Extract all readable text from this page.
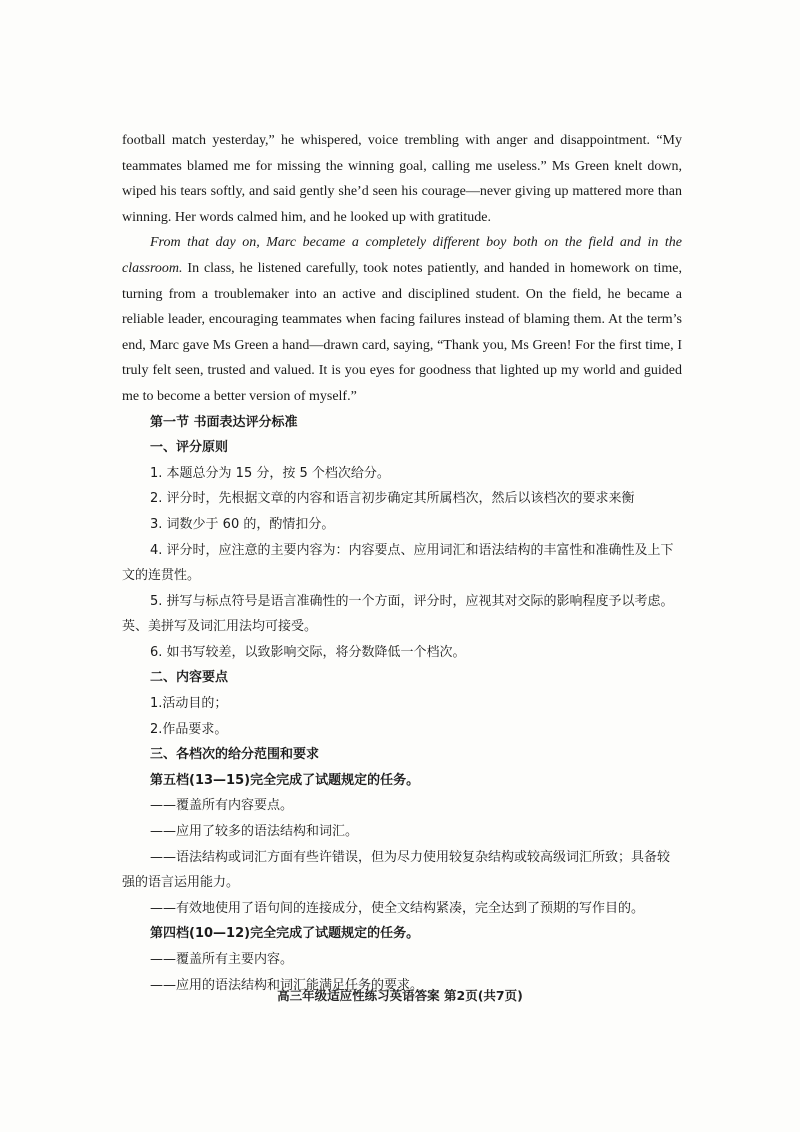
football match yesterday,” he whispered, voice trembling with anger and disappointment. “My teammates blamed me for missing the winning goal, calling me useless.” Ms Green knelt down, wiped his tears softly, and said gently she’d seen his courage—never giving up mattered more than winning. Her words calmed him, and he looked up with gratitude.

From that day on, Marc became a completely different boy both on the field and in the classroom. In class, he listened carefully, took notes patiently, and handed in homework on time, turning from a troublemaker into an active and disciplined student. On the field, he became a reliable leader, encouraging teammates when facing failures instead of blaming them. At the term’s end, Marc gave Ms Green a hand—drawn card, saying, “Thank you, Ms Green! For the first time, I truly felt seen, trusted and valued. It is you eyes for goodness that lighted up my world and guided me to become a better version of myself.”

第一节 书面表达评分标准

一、评分原则

1. 本题总分为 15 分，按 5 个档次给分。

2. 评分时，先根据文章的内容和语言初步确定其所属档次，然后以该档次的要求来衡

3. 词数少于 60 的，酌情扣分。

4. 评分时，应注意的主要内容为：内容要点、应用词汇和语法结构的丰富性和准确性及上下文的连贯性。

5. 拼写与标点符号是语言准确性的一个方面，评分时，应视其对交际的影响程度予以考虑。英、美拼写及词汇用法均可接受。

6. 如书写较差，以致影响交际，将分数降低一个档次。

二、内容要点

1.活动目的；

2.作品要求。

三、各档次的给分范围和要求

第五档(13—15)完全完成了试题规定的任务。

——覆盖所有内容要点。

——应用了较多的语法结构和词汇。

——语法结构或词汇方面有些许错误，但为尽力使用较复杂结构或较高级词汇所致；具备较强的语言运用能力。

——有效地使用了语句间的连接成分，使全文结构紧凑，完全达到了预期的写作目的。

第四档(10—12)完全完成了试题规定的任务。

——覆盖所有主要内容。

——应用的语法结构和词汇能满足任务的要求。

高三年级适应性练习英语答案 第2页(共7页)
